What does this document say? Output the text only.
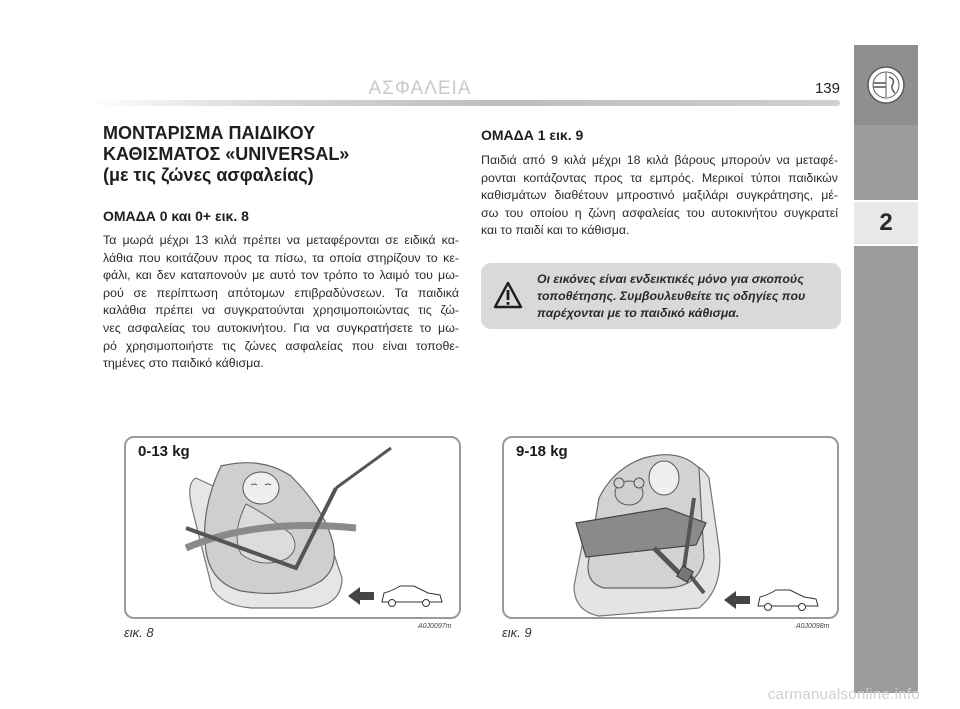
ΑΣΦΑΛΕΙΑ	139
2
ΜΟΝΤΑΡΙΣΜΑ ΠΑΙΔΙΚΟΥ
ΚΑΘΙΣΜΑΤΟΣ «UNIVERSAL»
(με τις ζώνες ασφαλείας)
ΟΜΑΔΑ 0 και 0+ εικ. 8
Τα μωρά μέχρι 13 κιλά πρέπει να μεταφέρονται σε ειδικά κα-
λάθια που κοιτάζουν προς τα πίσω, τα οποία στηρίζουν το κε-
φάλι, και δεν καταπονούν με αυτό τον τρόπο το λαιμό του μω-
ρού σε περίπτωση απότομων επιβραδύνσεων. Τα παιδικά
καλάθια πρέπει να συγκρατούνται χρησιμοποιώντας τις ζώ-
νες ασφαλείας του αυτοκινήτου. Για να συγκρατήσετε το μω-
ρό χρησιμοποιήστε τις ζώνες ασφαλείας που είναι τοποθε-
τημένες στο παιδικό κάθισμα.
ΟΜΑΔΑ 1 εικ. 9
Παιδιά από 9 κιλά μέχρι 18 κιλά βάρους μπορούν να μεταφέ-
ρονται κοιτάζοντας προς τα εμπρός. Μερικοί τύποι παιδικών
καθισμάτων διαθέτουν μπροστινό μαξιλάρι συγκράτησης, μέ-
σω του οποίου η ζώνη ασφαλείας του αυτοκινήτου συγκρατεί
και το παιδί και το κάθισμα.
Οι εικόνες είναι ενδεικτικές μόνο για σκοπούς
τοποθέτησης. Συμβουλευθείτε τις οδηγίες που
παρέχονται με το παιδικό κάθισμα.
0-13 kg
εικ. 8	A0J0097m
9-18 kg
εικ. 9	A0J0098m
carmanualsonline.info
